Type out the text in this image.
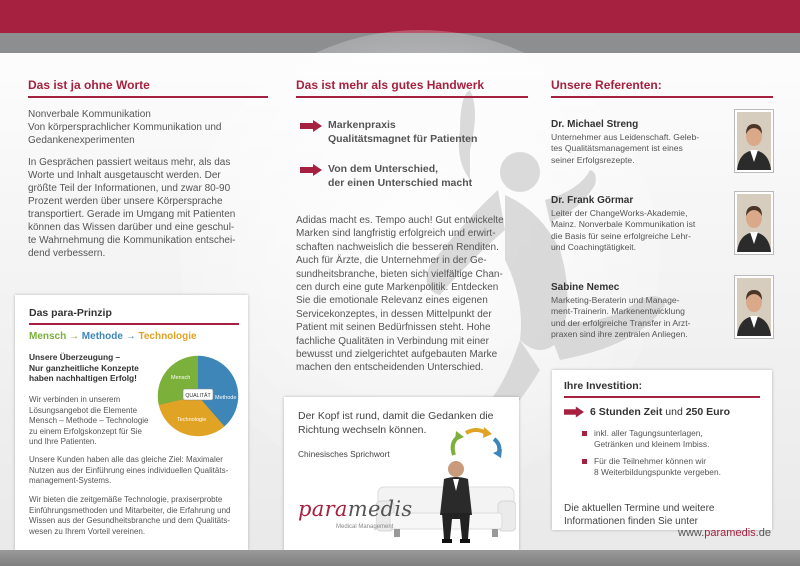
Das ist ja ohne Worte
Nonverbale Kommunikation
Von körpersprachlicher Kommunikation und
Gedankenexperimenten
In Gesprächen passiert weitaus mehr, als das
Worte und Inhalt ausgetauscht werden. Der
größte Teil der Informationen, und zwar 80-90
Prozent werden über unsere Körpersprache
transportiert. Gerade im Umgang mit Patienten
können das Wissen darüber und eine geschul-
te Wahrnehmung die Kommunikation entschei-
dend verbessern.
Das ist mehr als gutes Handwerk
Markenpraxis
Qualitätsmagnet für Patienten
Von dem Unterschied,
der einen Unterschied macht
Adidas macht es. Tempo auch! Gut entwickelte
Marken sind langfristig erfolgreich und erwirt-
schaften nachweislich die besseren Renditen.
Auch für Ärzte, die Unternehmer in der Ge-
sundheitsbranche, bieten sich vielfältige Chan-
cen durch eine gute Markenpolitik. Entdecken
Sie die emotionale Relevanz eines eigenen
Servicekonzeptes, in dessen Mittelpunkt der
Patient mit seinen Bedürfnissen steht. Hohe
fachliche Qualitäten in Verbindung mit einer
bewusst und zielgerichtet aufgebauten Marke
machen den entscheidenden Unterschied.
Unsere Referenten:
Dr. Michael Streng
Unternehmer aus Leidenschaft. Geleb-
tes Qualitätsmanagement ist eines
seiner Erfolgsrezepte.
Dr. Frank Görmar
Leiter der ChangeWorks-Akademie,
Mainz. Nonverbale Kommunikation ist
die Basis für seine erfolgreiche Lehr-
und Coachingtätigkeit.
Sabine Nemec
Marketing-Beraterin und Manage-
ment-Trainerin. Markenentwicklung
und der erfolgreiche Transfer in Arzt-
praxen sind ihre zentralen Anliegen.
Das para-Prinzip
Mensch → Methode → Technologie
Unsere Überzeugung –
Nur ganzheitliche Konzepte
haben nachhaltigen Erfolg!
QUALITÄT
Mensch
Methode
Technologie
Wir verbinden in unserem
Lösungsangebot die Elemente
Mensch – Methode – Technologie
zu einem Erfolgskonzept für Sie
und Ihre Patienten.
Unsere Kunden haben alle das gleiche Ziel: Maximaler
Nutzen aus der Einführung eines individuellen Qualitäts-
management-Systems.
Wir bieten die zeitgemäße Technologie, praxiserprobte
Einführungsmethoden und Mitarbeiter, die Erfahrung und
Wissen aus der Gesundheitsbranche und dem Qualitäts-
wesen zu Ihrem Vorteil vereinen.
Der Kopf ist rund, damit die Gedanken die
Richtung wechseln können.
Chinesisches Sprichwort
paramedis
Medical Management
Ihre Investition:
6 Stunden Zeit und 250 Euro
inkl. aller Tagungsunterlagen,
Getränken und kleinem Imbiss.
Für die Teilnehmer können wir
8 Weiterbildungspunkte vergeben.
Die aktuellen Termine und weitere
Informationen finden Sie unter
www.paramedis.de
